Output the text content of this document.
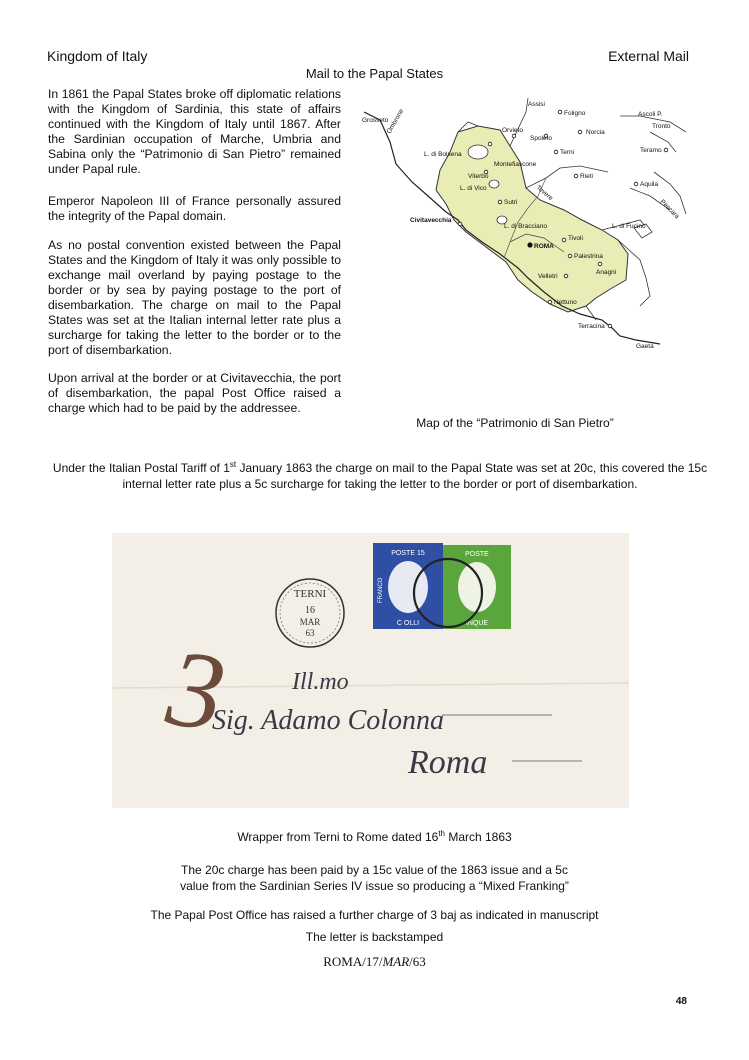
Kingdom of Italy	External Mail
Mail to the Papal States
In 1861 the Papal States broke off diplomatic relations with the Kingdom of Sardinia, this state of affairs continued with the Kingdom of Italy until 1867. After the Sardinian occupation of Marche, Umbria and Sabina only the “Patrimonio di San Pietro” remained under Papal rule.
Emperor Napoleon III of France personally assured the integrity of the Papal domain.
As no postal convention existed between the Papal States and the Kingdom of Italy it was only possible to exchange mail overland by paying postage to the border or by sea by paying postage to the port of disembarkation. The charge on mail to the Papal States was set at the Italian internal letter rate plus a surcharge for taking the letter to the border or to the port of disembarkation.
Upon arrival at the border or at Civitavecchia, the port of disembarkation, the papal Post Office raised a charge which had to be paid by the addressee.
Grosseto
Ombrone
Assisi
Foligno	Ascoli P.
Tronto
Orvieto
Spoleto
Norcia
Terni	Teramo
L. di Bolsena
Montefiascone
Viterbo	Rieti
Aquila
L. di Vico	Tevere
Pescara
Sutri
Civitavecchia
L. di Bracciano	L. di Fucino
ROMA
Tivoli
Palestrina
Anagni
Velletri
Nettuno
Terracina
Gaeta
Map of the “Patrimonio di San Pietro”
Under the Italian Postal Tariff of 1st January 1863 the charge on mail to the Papal State was set at 20c, this covered the 15c internal letter rate plus a 5c surcharge for taking the letter to the border or port of disembarkation.
POSTE 15
FRANCO
C OLLI
POSTE
INQUE
TERNI
16
MAR
63
3 Ill.mo
Sig. Adamo Colonna
Roma
Wrapper from Terni to Rome dated 16th March 1863
The 20c charge has been paid by a 15c value of the 1863 issue and a 5c
value from the Sardinian Series IV issue so producing a “Mixed Franking”
The Papal Post Office has raised a further charge of 3 baj as indicated in manuscript
The letter is backstamped
ROMA/17/MAR/63
48
